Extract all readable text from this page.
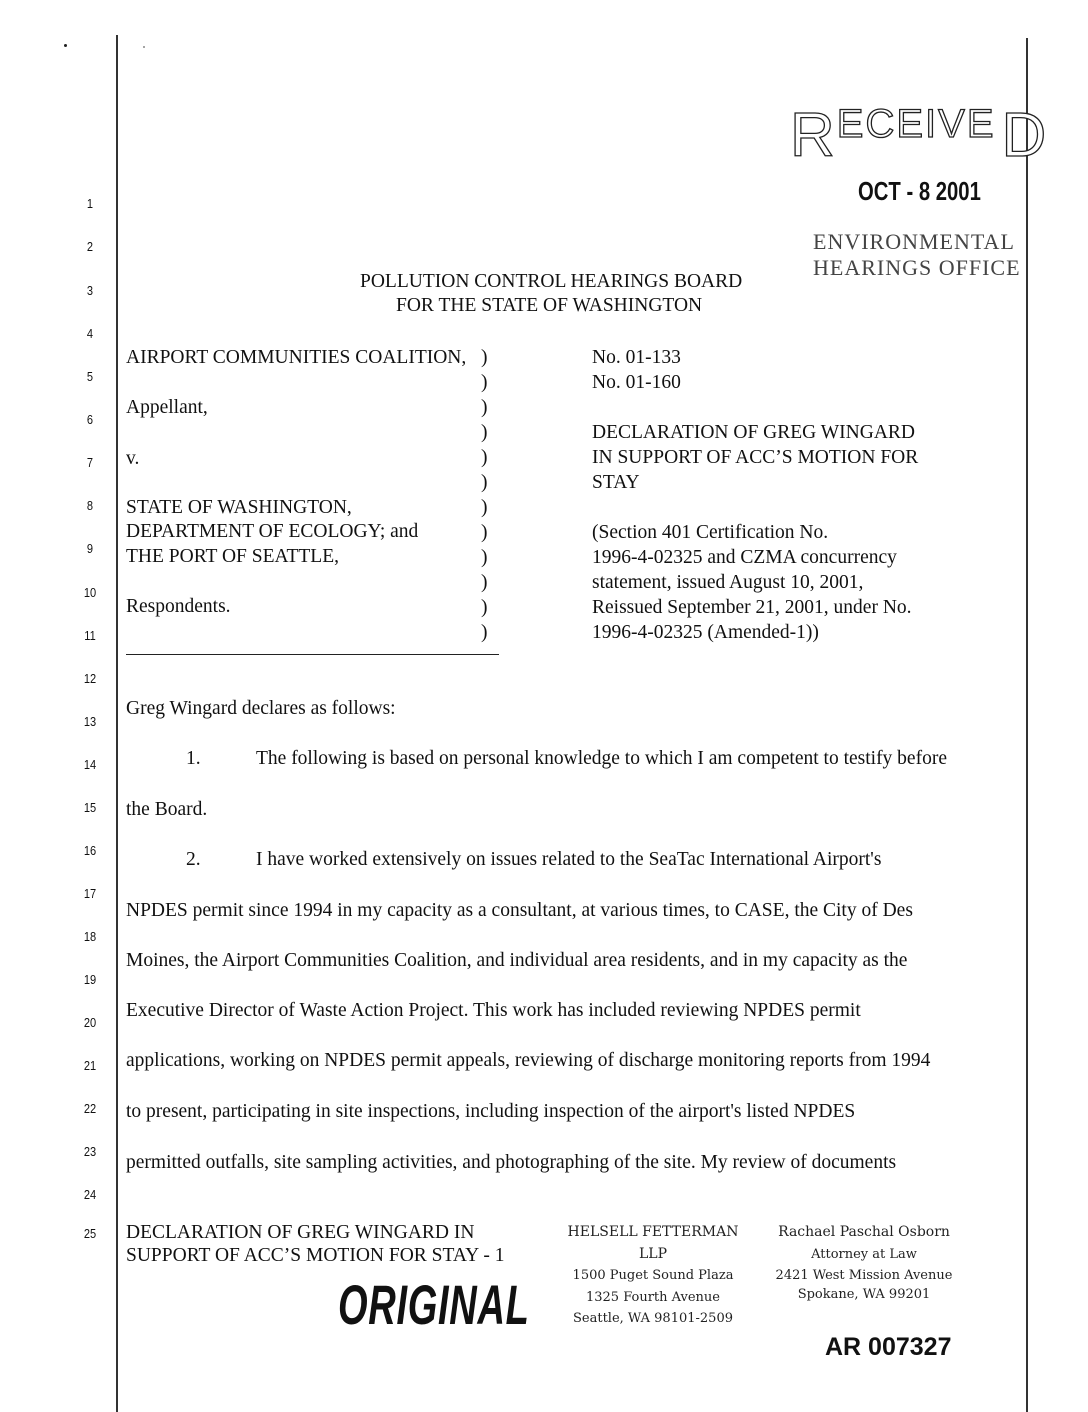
1
2
3
4
5
6
7
8
9
10
11
12
13
14
15
16
17
18
19
20
21
22
23
24
25
RECEIVED
OCT - 8 2001
ENVIRONMENTAL
HEARINGS OFFICE
POLLUTION CONTROL HEARINGS BOARD
FOR THE STATE OF WASHINGTON
AIRPORT COMMUNITIES COALITION,
Appellant,
v.
STATE OF WASHINGTON,
DEPARTMENT OF ECOLOGY; and
THE PORT OF SEATTLE,
Respondents.
)
)
)
)
)
)
)
)
)
)
)
)
No. 01-133
No. 01-160
DECLARATION OF GREG WINGARD
IN SUPPORT OF ACC’S MOTION FOR
STAY
(Section 401 Certification No.
1996-4-02325 and CZMA concurrency
statement, issued August 10, 2001,
Reissued September 21, 2001, under No.
1996-4-02325 (Amended-1))
Greg Wingard declares as follows:
1.	The following is based on personal knowledge to which I am competent to testify before
the Board.
2.	I have worked extensively on issues related to the SeaTac International Airport's
NPDES permit since 1994 in my capacity as a consultant, at various times, to CASE, the City of Des
Moines, the Airport Communities Coalition, and individual area residents, and in my capacity as the
Executive Director of Waste Action Project. This work has included reviewing NPDES permit
applications, working on NPDES permit appeals, reviewing of discharge monitoring reports from 1994
to present, participating in site inspections, including inspection of the airport's listed NPDES
permitted outfalls, site sampling activities, and photographing of the site. My review of documents
DECLARATION OF GREG WINGARD IN
SUPPORT OF ACC’S MOTION FOR STAY - 1
ORIGINAL
HELSELL FETTERMAN LLP
1500 Puget Sound Plaza
1325 Fourth Avenue
Seattle, WA 98101-2509
Rachael Paschal Osborn
Attorney at Law
2421 West Mission Avenue
Spokane, WA 99201
AR 007327
